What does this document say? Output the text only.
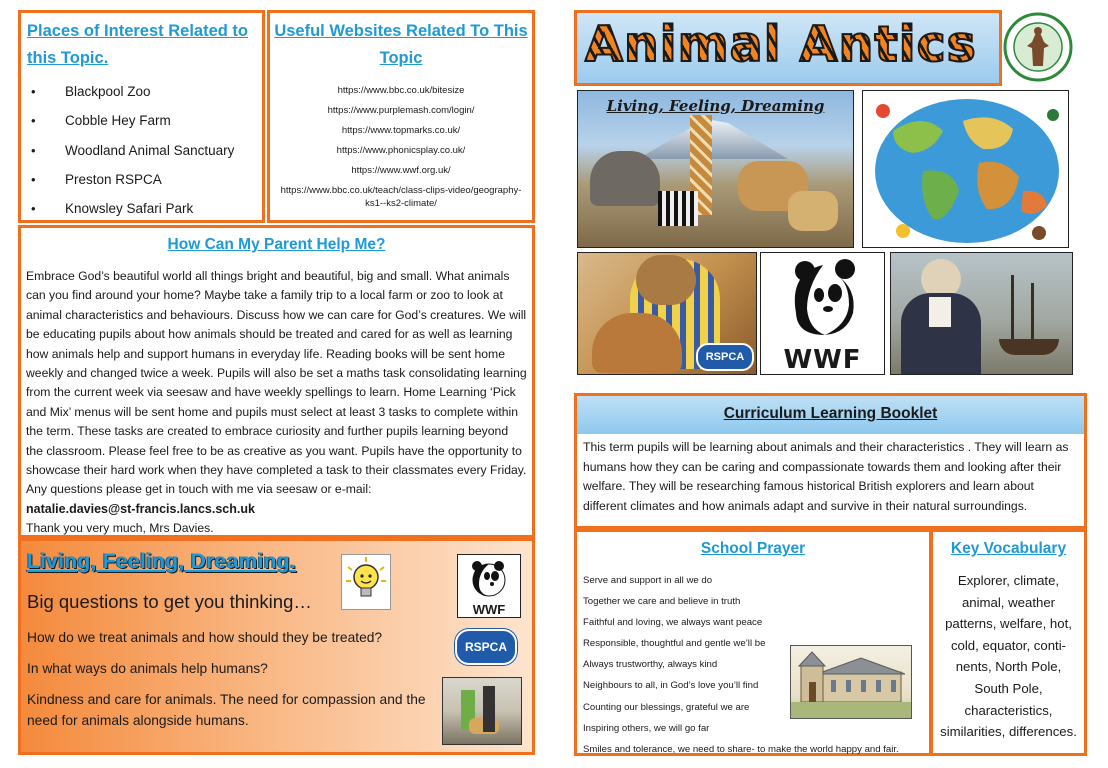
Places of Interest Related to this Topic.
• Blackpool Zoo
• Cobble Hey Farm
• Woodland Animal Sanctuary
• Preston RSPCA
• Knowsley Safari Park
Useful Websites Related To This Topic
https://www.bbc.co.uk/bitesize
https://www.purplemash.com/login/
https://www.topmarks.co.uk/
https://www.phonicsplay.co.uk/
https://www.wwf.org.uk/
https://www.bbc.co.uk/teach/class-clips-video/geography-ks1--ks2-climate/
How Can My Parent Help Me?

Embrace God’s beautiful world all things bright and beautiful, big and small. What animals can you find around your home? Maybe take a family trip to a local farm or zoo to look at animal characteristics and behaviours. Discuss how we can care for God’s creatures. We will be educating pupils about how animals should be treated and cared for as well as learning how animals help and support humans in everyday life. Reading books will be sent home weekly and changed twice a week. Pupils will also be set a maths task consolidating learning from the current week via seesaw and have weekly spellings to learn. Home Learning ‘Pick and Mix’ menus will be sent home and pupils must select at least 3 tasks to complete within the term. These tasks are created to embrace curiosity and further pupils learning beyond the classroom. Please feel free to be as creative as you want. Pupils have the opportunity to showcase their hard work when they have completed a task to their classmates every Friday. Any questions please get in touch with me via seesaw or e-mail:

natalie.davies@st-francis.lancs.sch.uk

Thank you very much, Mrs Davies.

Living, Feeling, Dreaming.
Big questions to get you thinking…
How do we treat animals and how should they be treated?
In what ways do animals help humans?
Kindness and care for animals. The need for compassion and the need for animals alongside humans.
WWF
RSPCA
Animal Antics
Living, Feeling, Dreaming
RSPCA	WWF
Curriculum Learning Booklet
This term pupils will be learning about animals and their characteristics . They will learn as humans how they can be caring and compassionate towards them and looking after their welfare. They will be researching famous historical British explorers and learn about different climates and how animals adapt and survive in their natural surroundings.
School Prayer
Serve and support in all we do
Together we care and believe in truth
Faithful and loving, we always want peace
Responsible, thoughtful and gentle we’ll be
Always trustworthy, always kind
Neighbours to all, in God’s love you’ll find
Counting our blessings, grateful we are
Inspiring others, we will go far
Smiles and tolerance, we need to share- to make the world happy and fair.
Key Vocabulary
Explorer, climate, animal, weather patterns, welfare, hot, cold, equator, conti-nents, North Pole, South Pole, characteristics, similarities, differences.
